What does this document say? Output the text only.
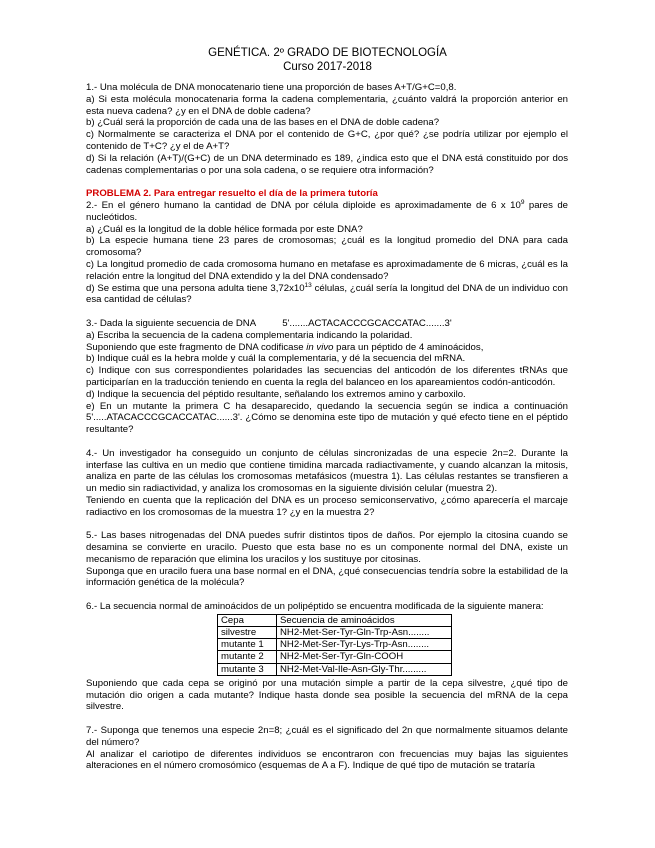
GENÉTICA. 2º GRADO DE BIOTECNOLOGÍA
Curso 2017-2018

1.- Una molécula de DNA monocatenario tiene una proporción de bases A+T/G+C=0,8.

a) Si esta molécula monocatenaria forma la cadena complementaria, ¿cuánto valdrá la proporción anterior en esta nueva cadena? ¿y en el DNA de doble cadena?

b) ¿Cuál será la proporción de cada una de las bases en el DNA de doble cadena?

c) Normalmente se caracteriza el DNA por el contenido de G+C, ¿por qué? ¿se podría utilizar por ejemplo el contenido de T+C? ¿y el de A+T?

d) Si la relación (A+T)/(G+C) de un DNA determinado es 189, ¿indica esto que el DNA está constituido por dos cadenas complementarias o por una sola cadena, o se requiere otra información?

PROBLEMA 2. Para entregar resuelto el día de la primera tutoría

2.- En el género humano la cantidad de DNA por célula diploide es aproximadamente de 6 x $10^9$ pares de nucleótidos.

a) ¿Cuál es la longitud de la doble hélice formada por este DNA?

b) La especie humana tiene 23 pares de cromosomas; ¿cuál es la longitud promedio del DNA para cada cromosoma?

c) La longitud promedio de cada cromosoma humano en metafase es aproximadamente de 6 micras, ¿cuál es la relación entre la longitud del DNA extendido y la del DNA condensado?

d) Se estima que una persona adulta tiene $3,72x10^{13}$ células, ¿cuál sería la longitud del DNA de un individuo con esa cantidad de células?

3.- Dada la siguiente secuencia de DNA          5'.......ACTACACCCGCACCATAC.......3'

a) Escriba la secuencia de la cadena complementaria indicando la polaridad.

Suponiendo que este fragmento de DNA codificase in vivo para un péptido de 4 aminoácidos,

b) Indique cuál es la hebra molde y cuál la complementaria, y dé la secuencia del mRNA.

c) Indique con sus correspondientes polaridades las secuencias del anticodón de los diferentes tRNAs que participarían en la traducción teniendo en cuenta la regla del balanceo en los apareamientos codón-anticodón.

d) Indique la secuencia del péptido resultante, señalando los extremos amino y carboxilo.

e) En un mutante la primera C ha desaparecido, quedando la secuencia según se indica a continuación 5'.....ATACACCCGCACCATAC......3'. ¿Cómo se denomina este tipo de mutación y qué efecto tiene en el péptido resultante?

4.- Un investigador ha conseguido un conjunto de células sincronizadas de una especie 2n=2. Durante la interfase las cultiva en un medio que contiene timidina marcada radiactivamente, y cuando alcanzan la mitosis, analiza en parte de las células los cromosomas metafásicos (muestra 1). Las células restantes se transfieren a un medio sin radiactividad, y analiza los cromosomas en la siguiente división celular (muestra 2).

Teniendo en cuenta que la replicación del DNA es un proceso semiconservativo, ¿cómo aparecería el marcaje radiactivo en los cromosomas de la muestra 1? ¿y en la muestra 2?

5.- Las bases nitrogenadas del DNA puedes sufrir distintos tipos de daños. Por ejemplo la citosina cuando se desamina se convierte en uracilo. Puesto que esta base no es un componente normal del DNA, existe un mecanismo de reparación que elimina los uracilos y los sustituye por citosinas.

Suponga que en uracilo fuera una base normal en el DNA, ¿qué consecuencias tendría sobre la estabilidad de la información genética de la molécula?

6.- La secuencia normal de aminoácidos de un polipéptido se encuentra modificada de la siguiente manera:

Cepa	Secuencia de aminoácidos
silvestre	NH2-Met-Ser-Tyr-Gln-Trp-Asn........
mutante 1	NH2-Met-Ser-Tyr-Lys-Trp-Asn........
mutante 2	NH2-Met-Ser-Tyr-Gln-COOH
mutante 3	NH2-Met-Val-Ile-Asn-Gly-Thr.........

Suponiendo que cada cepa se originó por una mutación simple a partir de la cepa silvestre, ¿qué tipo de mutación dio origen a cada mutante? Indique hasta donde sea posible la secuencia del mRNA de la cepa silvestre.

7.- Suponga que tenemos una especie 2n=8; ¿cuál es el significado del 2n que normalmente situamos delante del número?

Al analizar el cariotipo de diferentes individuos se encontraron con frecuencias muy bajas las siguientes alteraciones en el número cromosómico (esquemas de A a F). Indique de qué tipo de mutación se trataría
